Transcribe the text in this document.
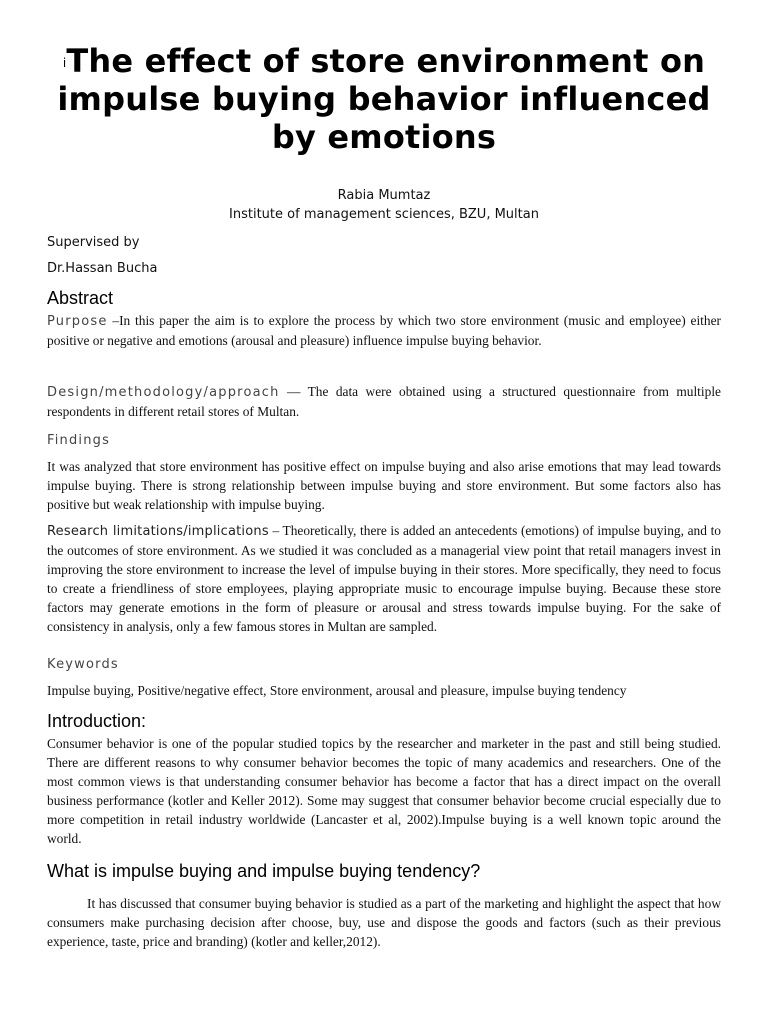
$^i$The effect of store environment on impulse buying behavior influenced by emotions
Rabia Mumtaz
Institute of management sciences, BZU, Multan
Supervised by
Dr.Hassan Bucha
Abstract
Purpose –In this paper the aim is to explore the process by which two store environment (music and employee) either positive or negative and emotions (arousal and pleasure) influence impulse buying behavior.
Design/methodology/approach — The data were obtained using a structured questionnaire from multiple respondents in different retail stores of Multan.
Findings
It was analyzed that store environment has positive effect on impulse buying and also arise emotions that may lead towards impulse buying. There is strong relationship between impulse buying and store environment. But some factors also has positive but weak relationship with impulse buying.
Research limitations/implications – Theoretically, there is added an antecedents (emotions) of impulse buying, and to the outcomes of store environment. As we studied it was concluded as a managerial view point that retail managers invest in improving the store environment to increase the level of impulse buying in their stores. More specifically, they need to focus to create a friendliness of store employees, playing appropriate music to encourage impulse buying. Because these store factors may generate emotions in the form of pleasure or arousal and stress towards impulse buying. For the sake of consistency in analysis, only a few famous stores in Multan are sampled.
Keywords
Impulse buying, Positive/negative effect, Store environment, arousal and pleasure, impulse buying tendency
Introduction:
Consumer behavior is one of the popular studied topics by the researcher and marketer in the past and still being studied. There are different reasons to why consumer behavior becomes the topic of many academics and researchers. One of the most common views is that understanding consumer behavior has become a factor that has a direct impact on the overall business performance (kotler and Keller 2012). Some may suggest that consumer behavior become crucial especially due to more competition in retail industry worldwide (Lancaster et al, 2002).Impulse buying is a well known topic around the world.
What is impulse buying and impulse buying tendency?
It has discussed that consumer buying behavior is studied as a part of the marketing and highlight the aspect that how consumers make purchasing decision after choose, buy, use and dispose the goods and factors (such as their previous experience, taste, price and branding) (kotler and keller,2012).
